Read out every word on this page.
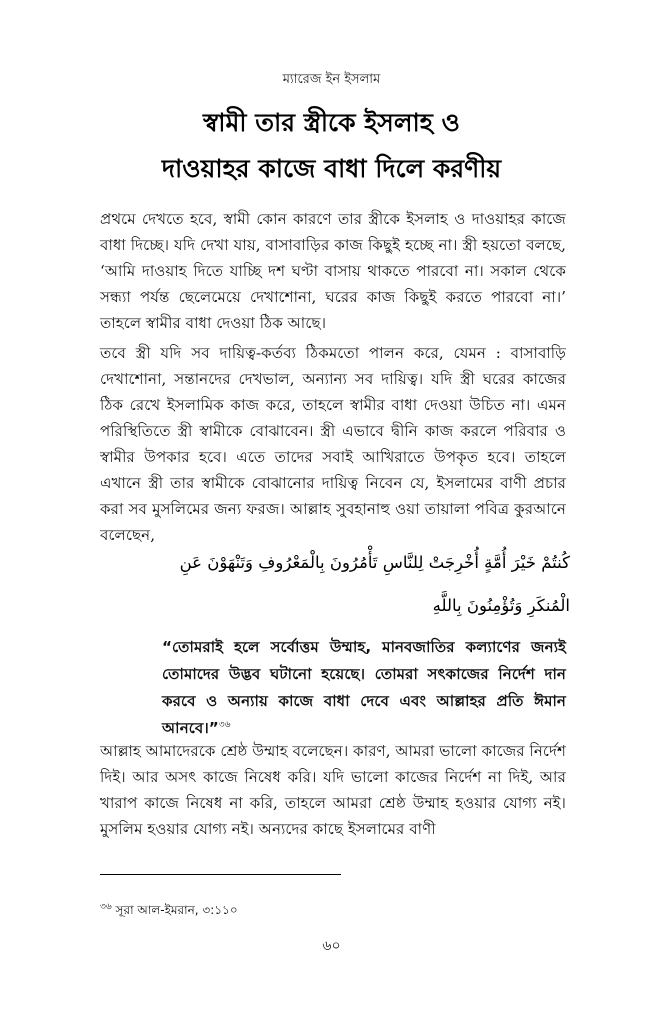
ম্যারেজ ইন ইসলাম
স্বামী তার স্ত্রীকে ইসলাহ ও
দাওয়াহর কাজে বাধা দিলে করণীয়

প্রথমে দেখতে হবে, স্বামী কোন কারণে তার স্ত্রীকে ইসলাহ ও দাওয়াহর কাজে বাধা দিচ্ছে। যদি দেখা যায়, বাসাবাড়ির কাজ কিছুই হচ্ছে না। স্ত্রী হয়তো বলছে, ‘আমি দাওয়াহ দিতে যাচ্ছি দশ ঘণ্টা বাসায় থাকতে পারবো না। সকাল থেকে সন্ধ্যা পর্যন্ত ছেলেমেয়ে দেখাশোনা, ঘরের কাজ কিছুই করতে পারবো না।’ তাহলে স্বামীর বাধা দেওয়া ঠিক আছে।

তবে স্ত্রী যদি সব দায়িত্ব-কর্তব্য ঠিকমতো পালন করে, যেমন : বাসাবাড়ি দেখাশোনা, সন্তানদের দেখভাল, অন্যান্য সব দায়িত্ব। যদি স্ত্রী ঘরের কাজের ঠিক রেখে ইসলামিক কাজ করে, তাহলে স্বামীর বাধা দেওয়া উচিত না। এমন পরিস্থিতিতে স্ত্রী স্বামীকে বোঝাবেন। স্ত্রী এভাবে দ্বীনি কাজ করলে পরিবার ও স্বামীর উপকার হবে। এতে তাদের সবাই আখিরাতে উপকৃত হবে। তাহলে এখানে স্ত্রী তার স্বামীকে বোঝানোর দায়িত্ব নিবেন যে, ইসলামের বাণী প্রচার করা সব মুসলিমের জন্য ফরজ। আল্লাহ সুবহানাহু ওয়া তায়ালা পবিত্র কুরআনে বলেছেন,

كُنتُمْ خَيْرَ أُمَّةٍ أُخْرِجَتْ لِلنَّاسِ تَأْمُرُونَ بِالْمَعْرُوفِ وَتَنْهَوْنَ عَنِ
الْمُنكَرِ وَتُؤْمِنُونَ بِاللَّهِ

“তোমরাই হলে সর্বোত্তম উম্মাহ, মানবজাতির কল্যাণের জন্যই তোমাদের উদ্ভব ঘটানো হয়েছে। তোমরা সৎকাজের নির্দেশ দান করবে ও অন্যায় কাজে বাধা দেবে এবং আল্লাহর প্রতি ঈমান আনবে।”$^{৩৬}$

আল্লাহ আমাদেরকে শ্রেষ্ঠ উম্মাহ বলেছেন। কারণ, আমরা ভালো কাজের নির্দেশ দিই। আর অসৎ কাজে নিষেধ করি। যদি ভালো কাজের নির্দেশ না দিই, আর খারাপ কাজে নিষেধ না করি, তাহলে আমরা শ্রেষ্ঠ উম্মাহ হওয়ার যোগ্য নই। মুসলিম হওয়ার যোগ্য নই। অন্যদের কাছে ইসলামের বাণী

$^{৩৬}$ সূরা আল-ইমরান, ৩:১১০
৬০
